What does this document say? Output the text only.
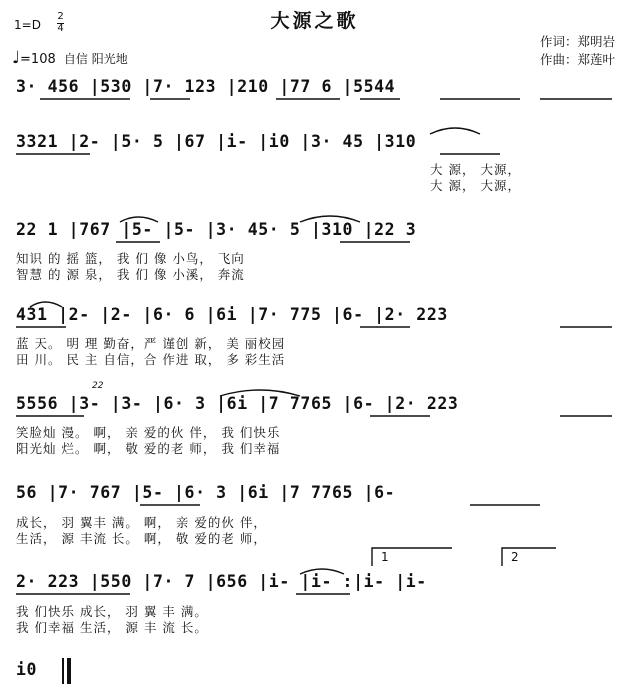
大源之歌
1=D
2
4
♩=108 自信 阳光地
作词：郑明岩
作曲：郑莲叶
3· 456 |530 |7· 123 |210 |77 6 |5544
3321 |2- |5· 5 |67 |i- |i0 |3· 45 |310
大 源， 大源，
大 源， 大源，
22 1 |767 |5- |5- |3· 45· 5 |310 |22 3
知识 的 摇 篮， 我 们 像 小鸟， 飞向
智慧 的 源 泉， 我 们 像 小溪， 奔流
431 |2- |2- |6· 6 |6i |7· 775 |6- |2· 223
蓝 天。 明 理 勤奋，严 谨创 新， 美 丽校园
田 川。 民 主 自信，合 作进 取， 多 彩生活
22
5556 |3- |3- |6· 3 |6i |7 7765 |6- |2· 223
笑脸灿 漫。 啊， 亲 爱的伙 伴， 我 们快乐
阳光灿 烂。 啊， 敬 爱的老 师， 我 们幸福
56 |7· 767 |5- |6· 3 |6i |7 7765 |6-
成长， 羽 翼丰 满。 啊， 亲 爱的伙 伴，
生活， 源 丰流 长。 啊， 敬 爱的老 师，
1	2
2· 223 |550 |7· 7 |656 |i- |i- :|i- |i-
我 们快乐 成长， 羽 翼 丰 满。
我 们幸福 生活， 源 丰 流 长。
i0
